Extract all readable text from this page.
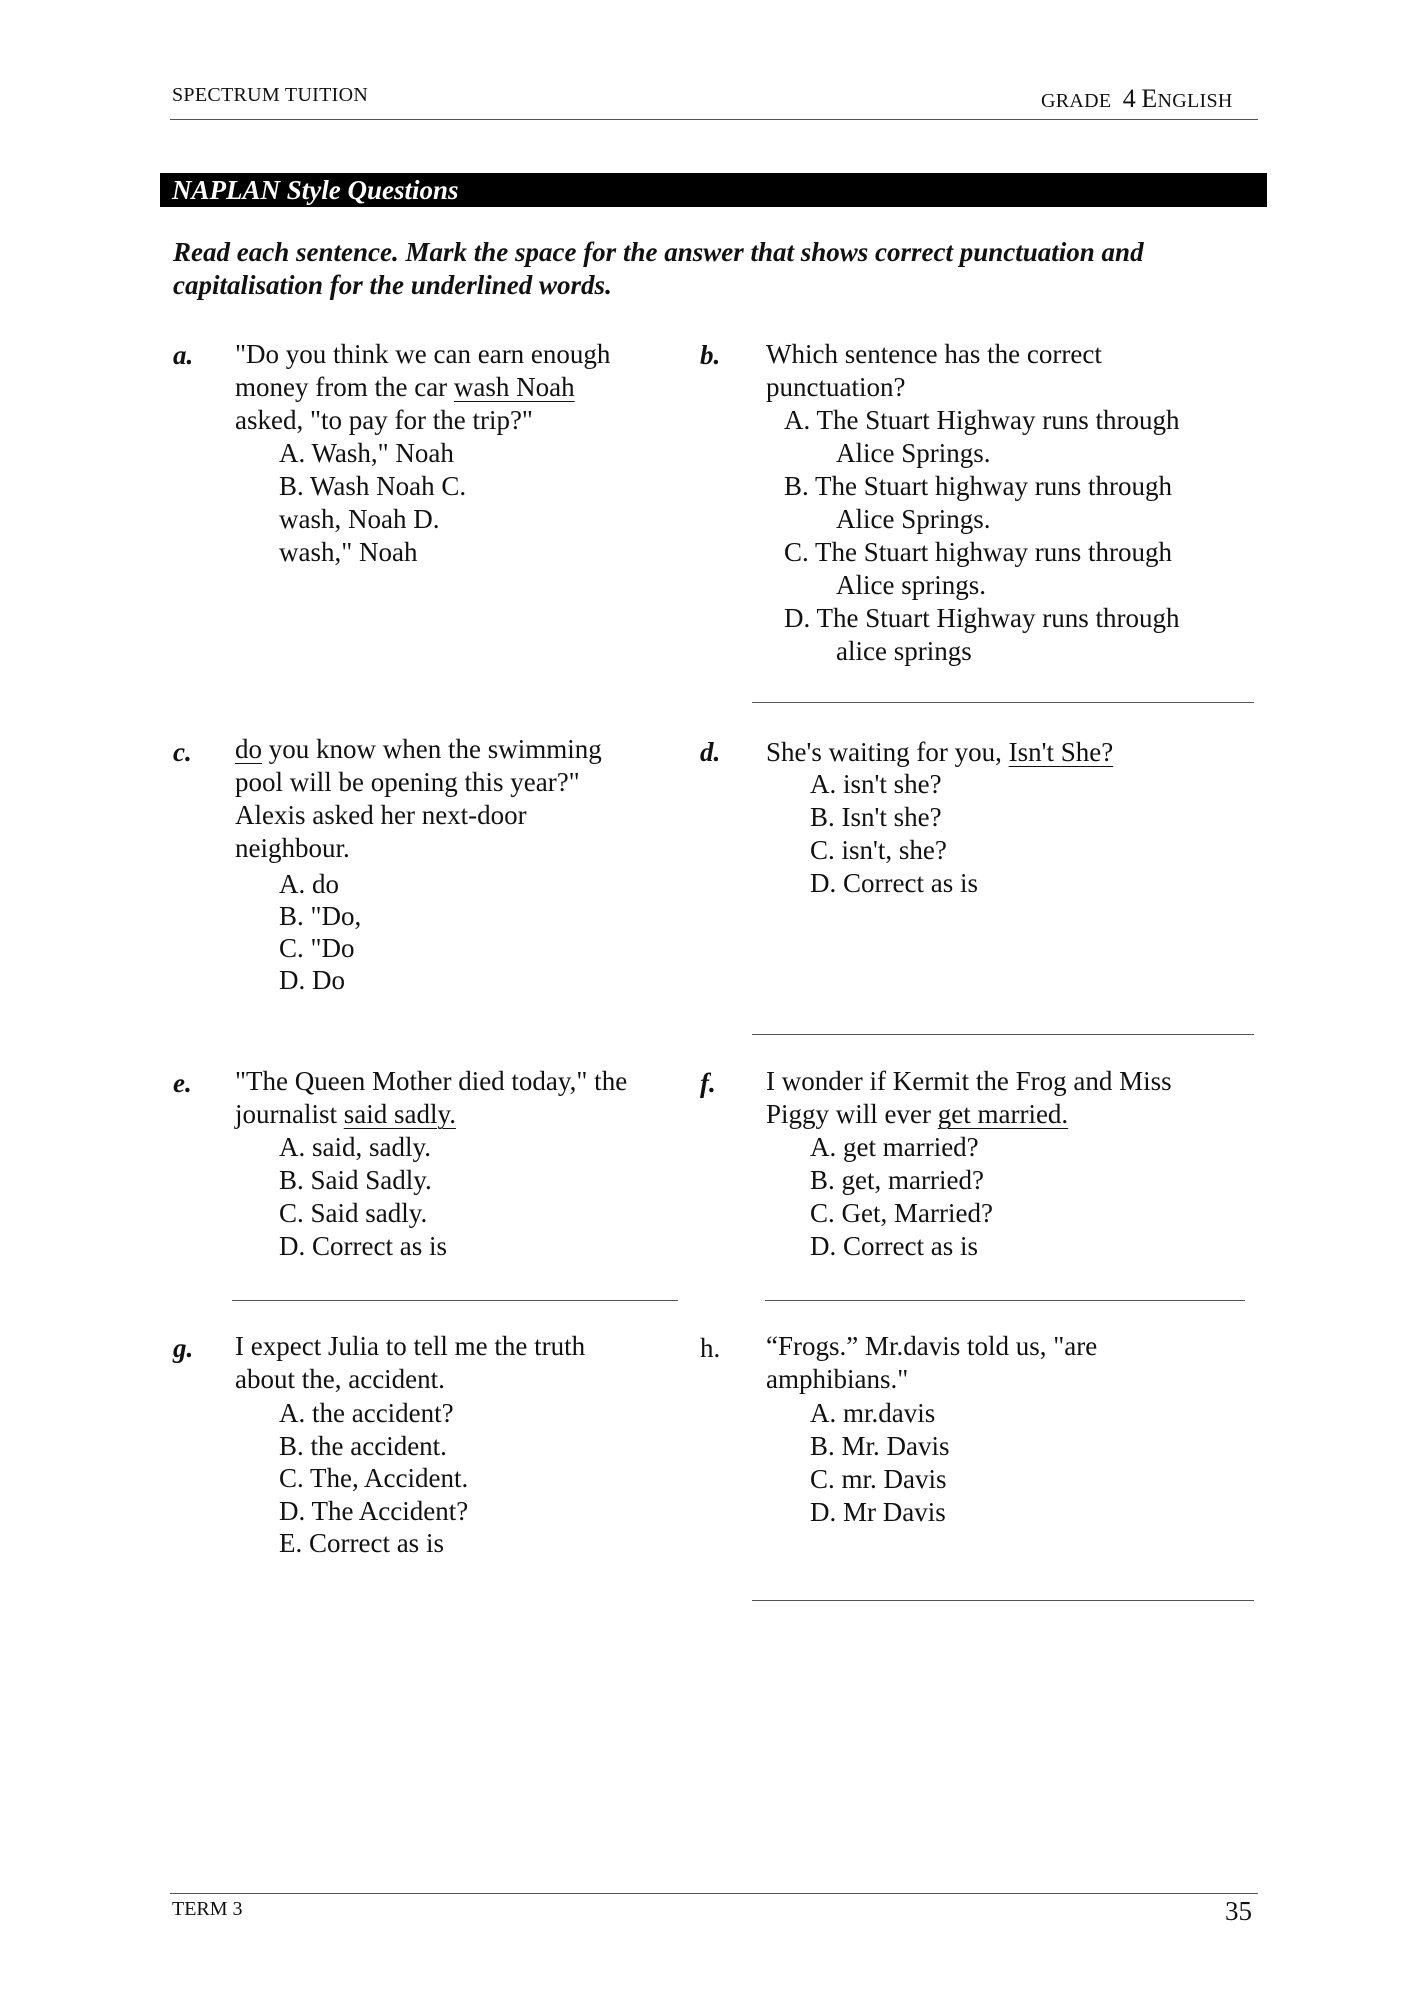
SPECTRUM TUITION	GRADE 4 ENGLISH
NAPLAN Style Questions
Read each sentence. Mark the space for the answer that shows correct punctuation and capitalisation for the underlined words.
a. "Do you think we can earn enough
money from the car wash Noah
asked, "to pay for the trip?"
A. Wash," Noah
B. Wash Noah C.
wash, Noah D.
wash," Noah
b. Which sentence has the correct
punctuation?
A. The Stuart Highway runs through
Alice Springs.
B. The Stuart highway runs through
Alice Springs.
C. The Stuart highway runs through
Alice springs.
D. The Stuart Highway runs through
alice springs
c. do you know when the swimming
pool will be opening this year?"
Alexis asked her next-door
neighbour.
A. do
B. "Do,
C. "Do
D. Do
d. She's waiting for you, Isn't She?
A. isn't she?
B. Isn't she?
C. isn't, she?
D. Correct as is
e. "The Queen Mother died today," the
journalist said sadly.
A. said, sadly.
B. Said Sadly.
C. Said sadly.
D. Correct as is
f. I wonder if Kermit the Frog and Miss
Piggy will ever get married.
A. get married?
B. get, married?
C. Get, Married?
D. Correct as is
g. I expect Julia to tell me the truth
about the, accident.
A. the accident?
B. the accident.
C. The, Accident.
D. The Accident?
E. Correct as is
h. “Frogs.” Mr.davis told us, "are
amphibians."
A. mr.davis
B. Mr. Davis
C. mr. Davis
D. Mr Davis
TERM 3	35
